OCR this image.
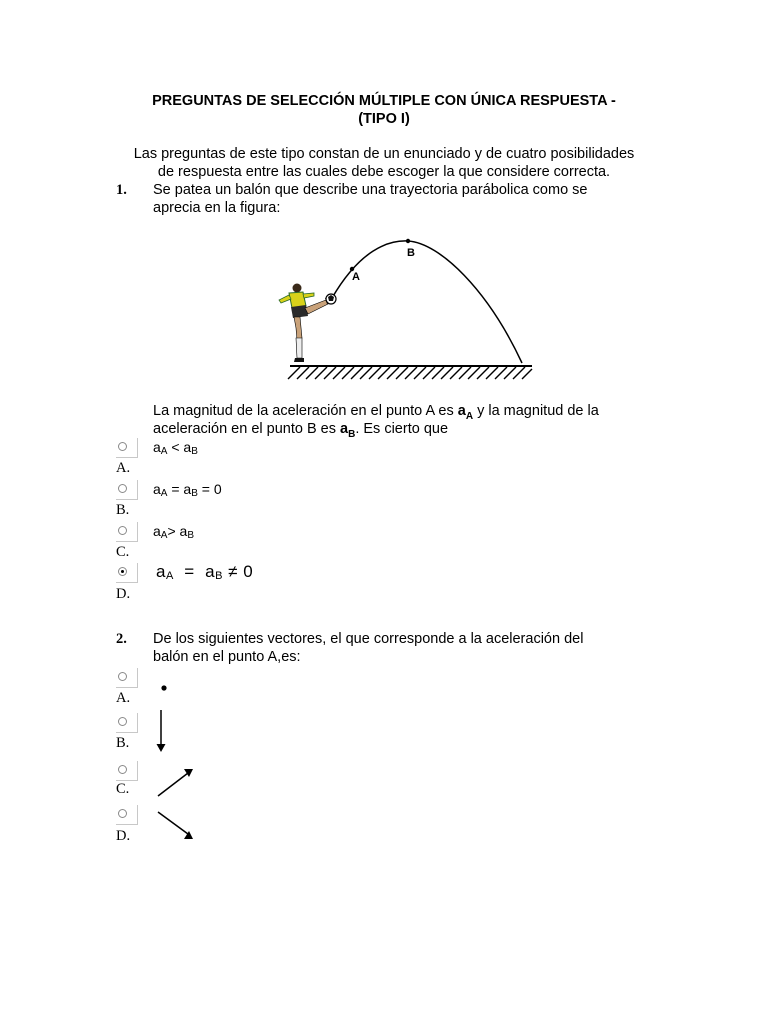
PREGUNTAS DE SELECCIÓN MÚLTIPLE CON ÚNICA RESPUESTA -
(TIPO I)
Las preguntas de este tipo constan de un enunciado y de cuatro posibilidades
de respuesta entre las cuales debe escoger la que considere correcta.
1. Se patea un balón que describe una trayectoria parábolica como se
aprecia en la figura:
A
B
La magnitud de la aceleración en el punto A es $a_A$ y la magnitud de la
aceleración en el punto B es $a_B$. Es cierto que
$a_A < a_B$
A.
$a_A = a_B = 0$
B.
$a_A> a_B$
C.
$a_A = a_B \ne 0$
D.
2. De los siguientes vectores, el que corresponde a la aceleración del
balón en el punto A,es:
A.
B.
C.
D.
